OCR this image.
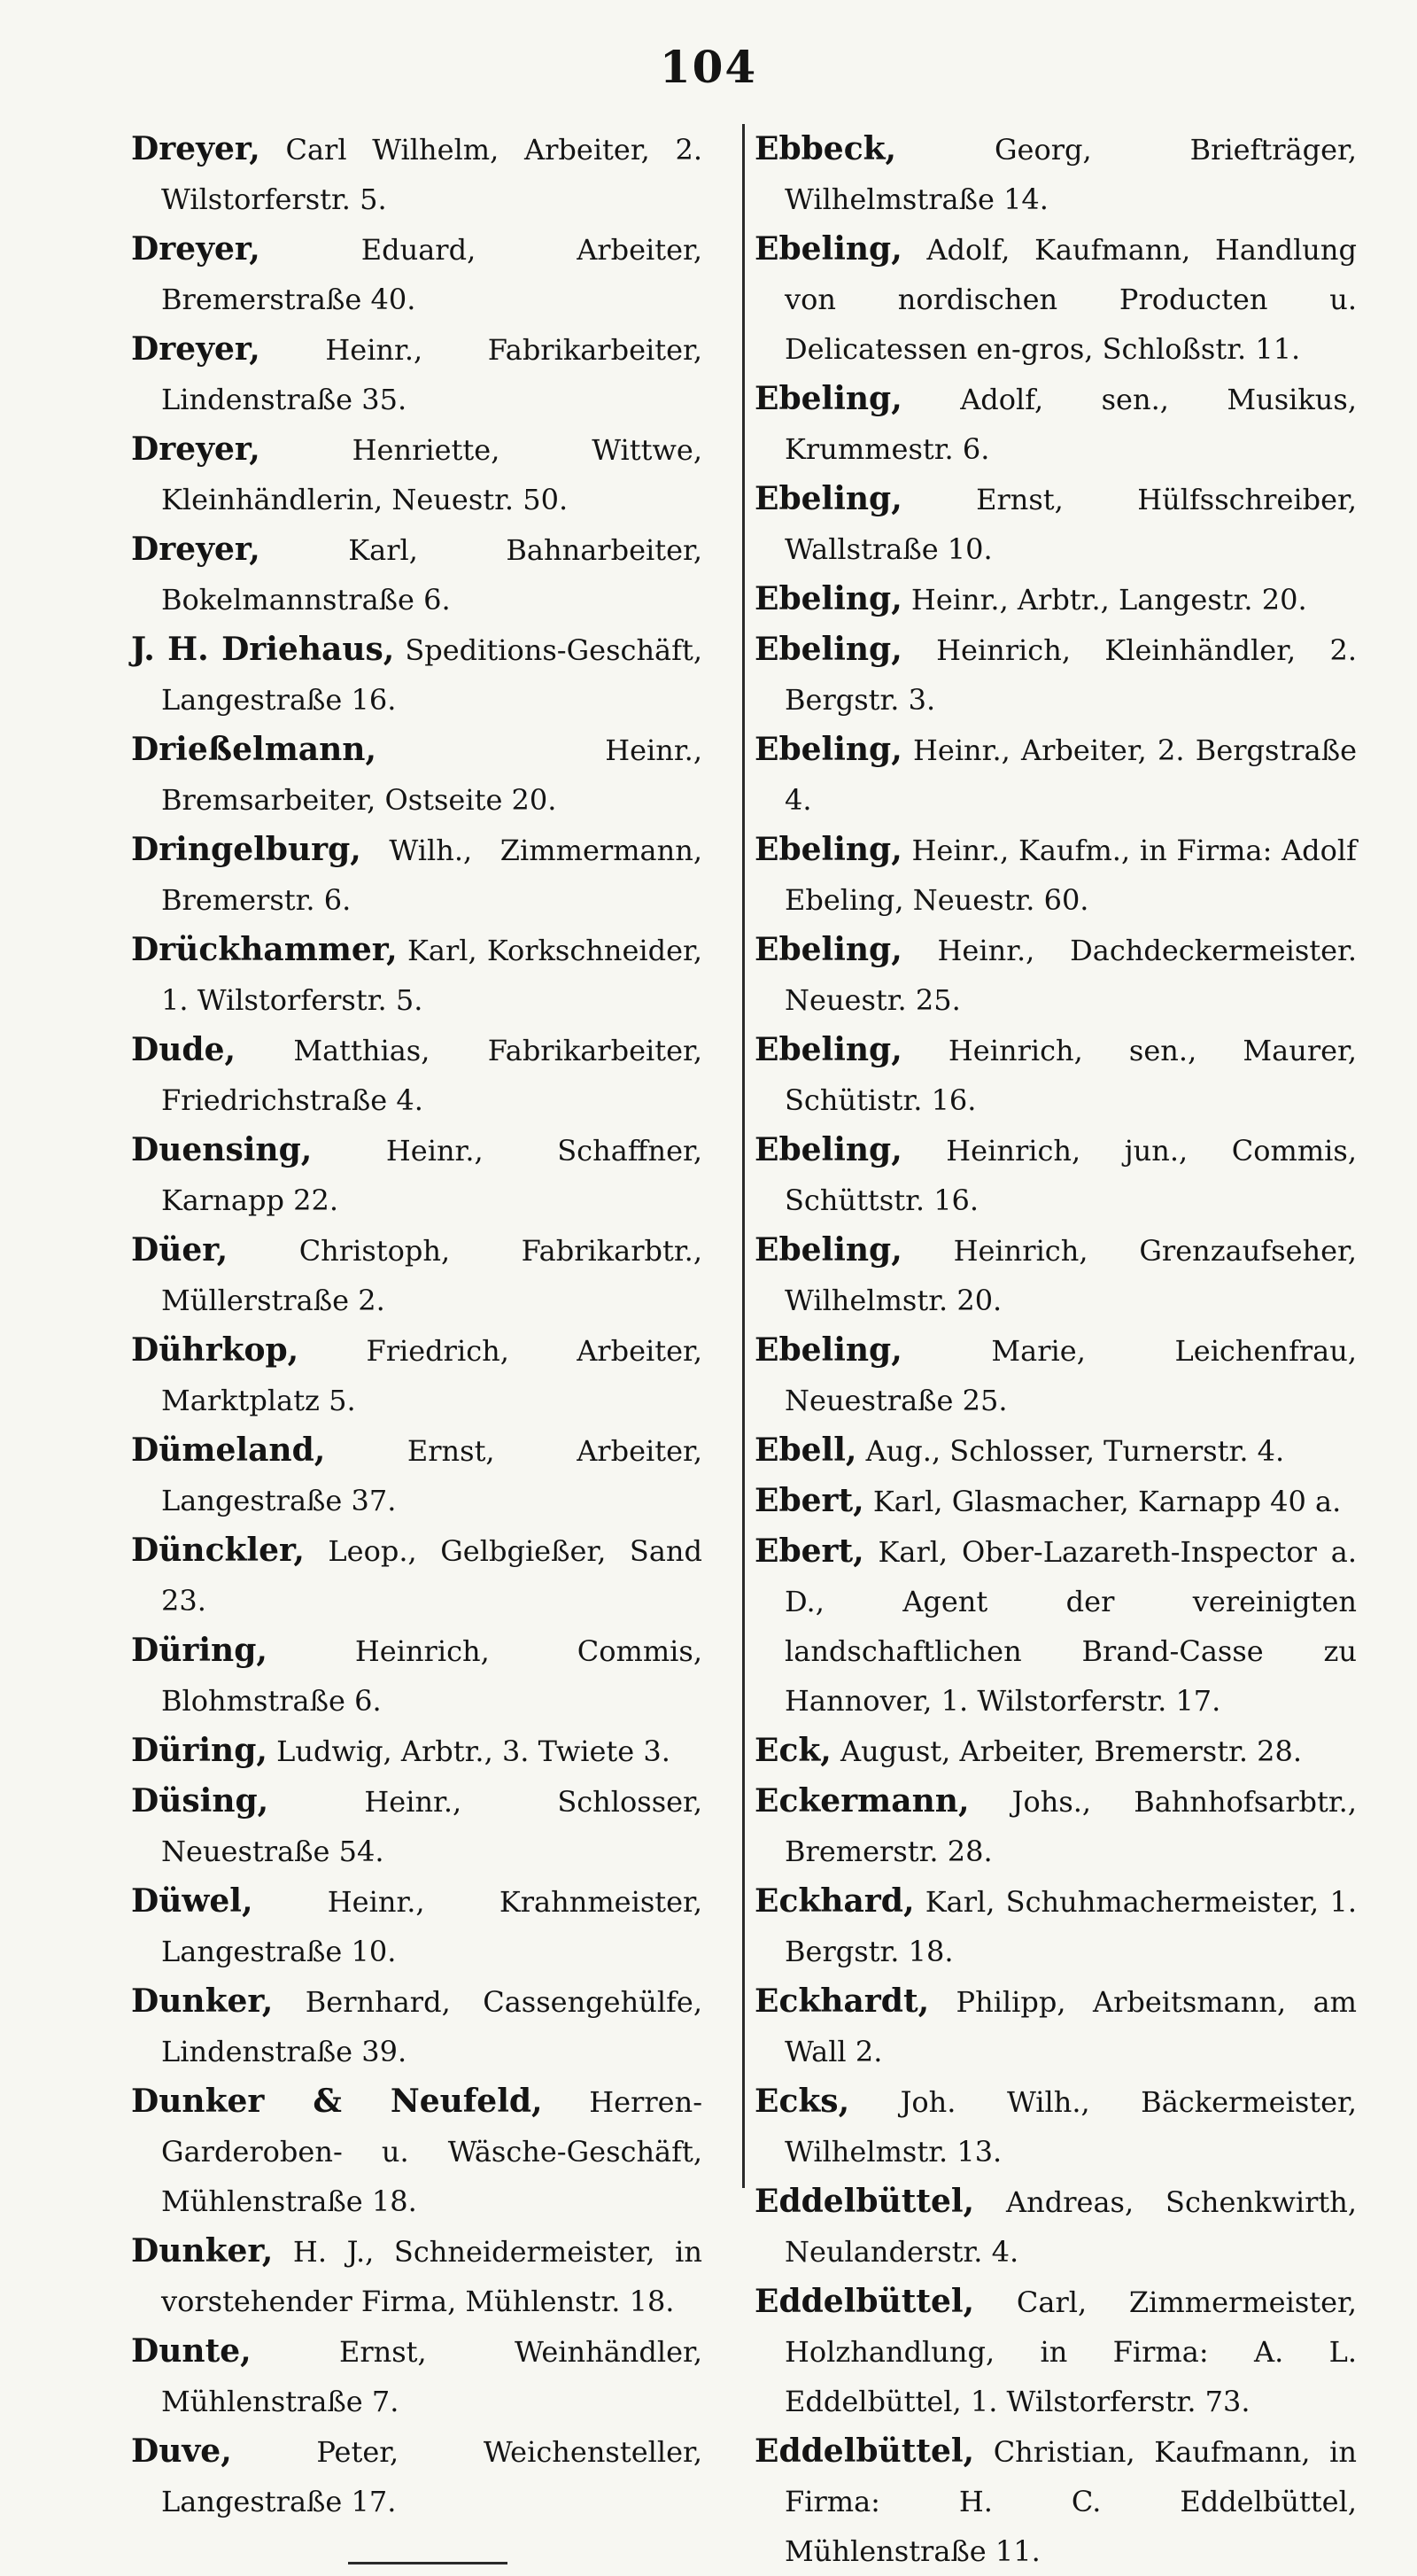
104

Dreyer, Carl Wilhelm, Arbeiter, 2. Wilstorferstr. 5.

Dreyer, Eduard, Arbeiter, Bremerstraße 40.

Dreyer, Heinr., Fabrikarbeiter, Lindenstraße 35.

Dreyer, Henriette, Wittwe, Kleinhändlerin, Neuestr. 50.

Dreyer, Karl, Bahnarbeiter, Bokelmannstraße 6.

J. H. Driehaus, Speditions-Geschäft, Langestraße 16.

Drießelmann, Heinr., Bremsarbeiter, Ostseite 20.

Dringelburg, Wilh., Zimmermann, Bremerstr. 6.

Drückhammer, Karl, Korkschneider, 1. Wilstorferstr. 5.

Dude, Matthias, Fabrikarbeiter, Friedrichstraße 4.

Duensing, Heinr., Schaffner, Karnapp 22.

Düer, Christoph, Fabrikarbtr., Müllerstraße 2.

Dührkop, Friedrich, Arbeiter, Marktplatz 5.

Dümeland, Ernst, Arbeiter, Langestraße 37.

Dünckler, Leop., Gelbgießer, Sand 23.

Düring, Heinrich, Commis, Blohmstraße 6.

Düring, Ludwig, Arbtr., 3. Twiete 3.

Düsing, Heinr., Schlosser, Neuestraße 54.

Düwel, Heinr., Krahnmeister, Langestraße 10.

Dunker, Bernhard, Cassengehülfe, Lindenstraße 39.

Dunker & Neufeld, Herren-Garderoben- u. Wäsche-Geschäft, Mühlenstraße 18.

Dunker, H. J., Schneidermeister, in vorstehender Firma, Mühlenstr. 18.

Dunte, Ernst, Weinhändler, Mühlenstraße 7.

Duve, Peter, Weichensteller, Langestraße 17.

Ebbeck, Georg, Briefträger, Wilhelmstraße 14.

Ebeling, Adolf, Kaufmann, Handlung von nordischen Producten u. Delicatessen en-gros, Schloßstr. 11.

Ebeling, Adolf, sen., Musikus, Krummestr. 6.

Ebeling, Ernst, Hülfsschreiber, Wallstraße 10.

Ebeling, Heinr., Arbtr., Langestr. 20.

Ebeling, Heinrich, Kleinhändler, 2. Bergstr. 3.

Ebeling, Heinr., Arbeiter, 2. Bergstraße 4.

Ebeling, Heinr., Kaufm., in Firma: Adolf Ebeling, Neuestr. 60.

Ebeling, Heinr., Dachdeckermeister. Neuestr. 25.

Ebeling, Heinrich, sen., Maurer, Schütistr. 16.

Ebeling, Heinrich, jun., Commis, Schüttstr. 16.

Ebeling, Heinrich, Grenzaufseher, Wilhelmstr. 20.

Ebeling, Marie, Leichenfrau, Neuestraße 25.

Ebell, Aug., Schlosser, Turnerstr. 4.

Ebert, Karl, Glasmacher, Karnapp 40 a.

Ebert, Karl, Ober-Lazareth-Inspector a. D., Agent der vereinigten landschaftlichen Brand-Casse zu Hannover, 1. Wilstorferstr. 17.

Eck, August, Arbeiter, Bremerstr. 28.

Eckermann, Johs., Bahnhofsarbtr., Bremerstr. 28.

Eckhard, Karl, Schuhmachermeister, 1. Bergstr. 18.

Eckhardt, Philipp, Arbeitsmann, am Wall 2.

Ecks, Joh. Wilh., Bäckermeister, Wilhelmstr. 13.

Eddelbüttel, Andreas, Schenkwirth, Neulanderstr. 4.

Eddelbüttel, Carl, Zimmermeister, Holzhandlung, in Firma: A. L. Eddelbüttel, 1. Wilstorferstr. 73.

Eddelbüttel, Christian, Kaufmann, in Firma: H. C. Eddelbüttel, Mühlenstraße 11.
